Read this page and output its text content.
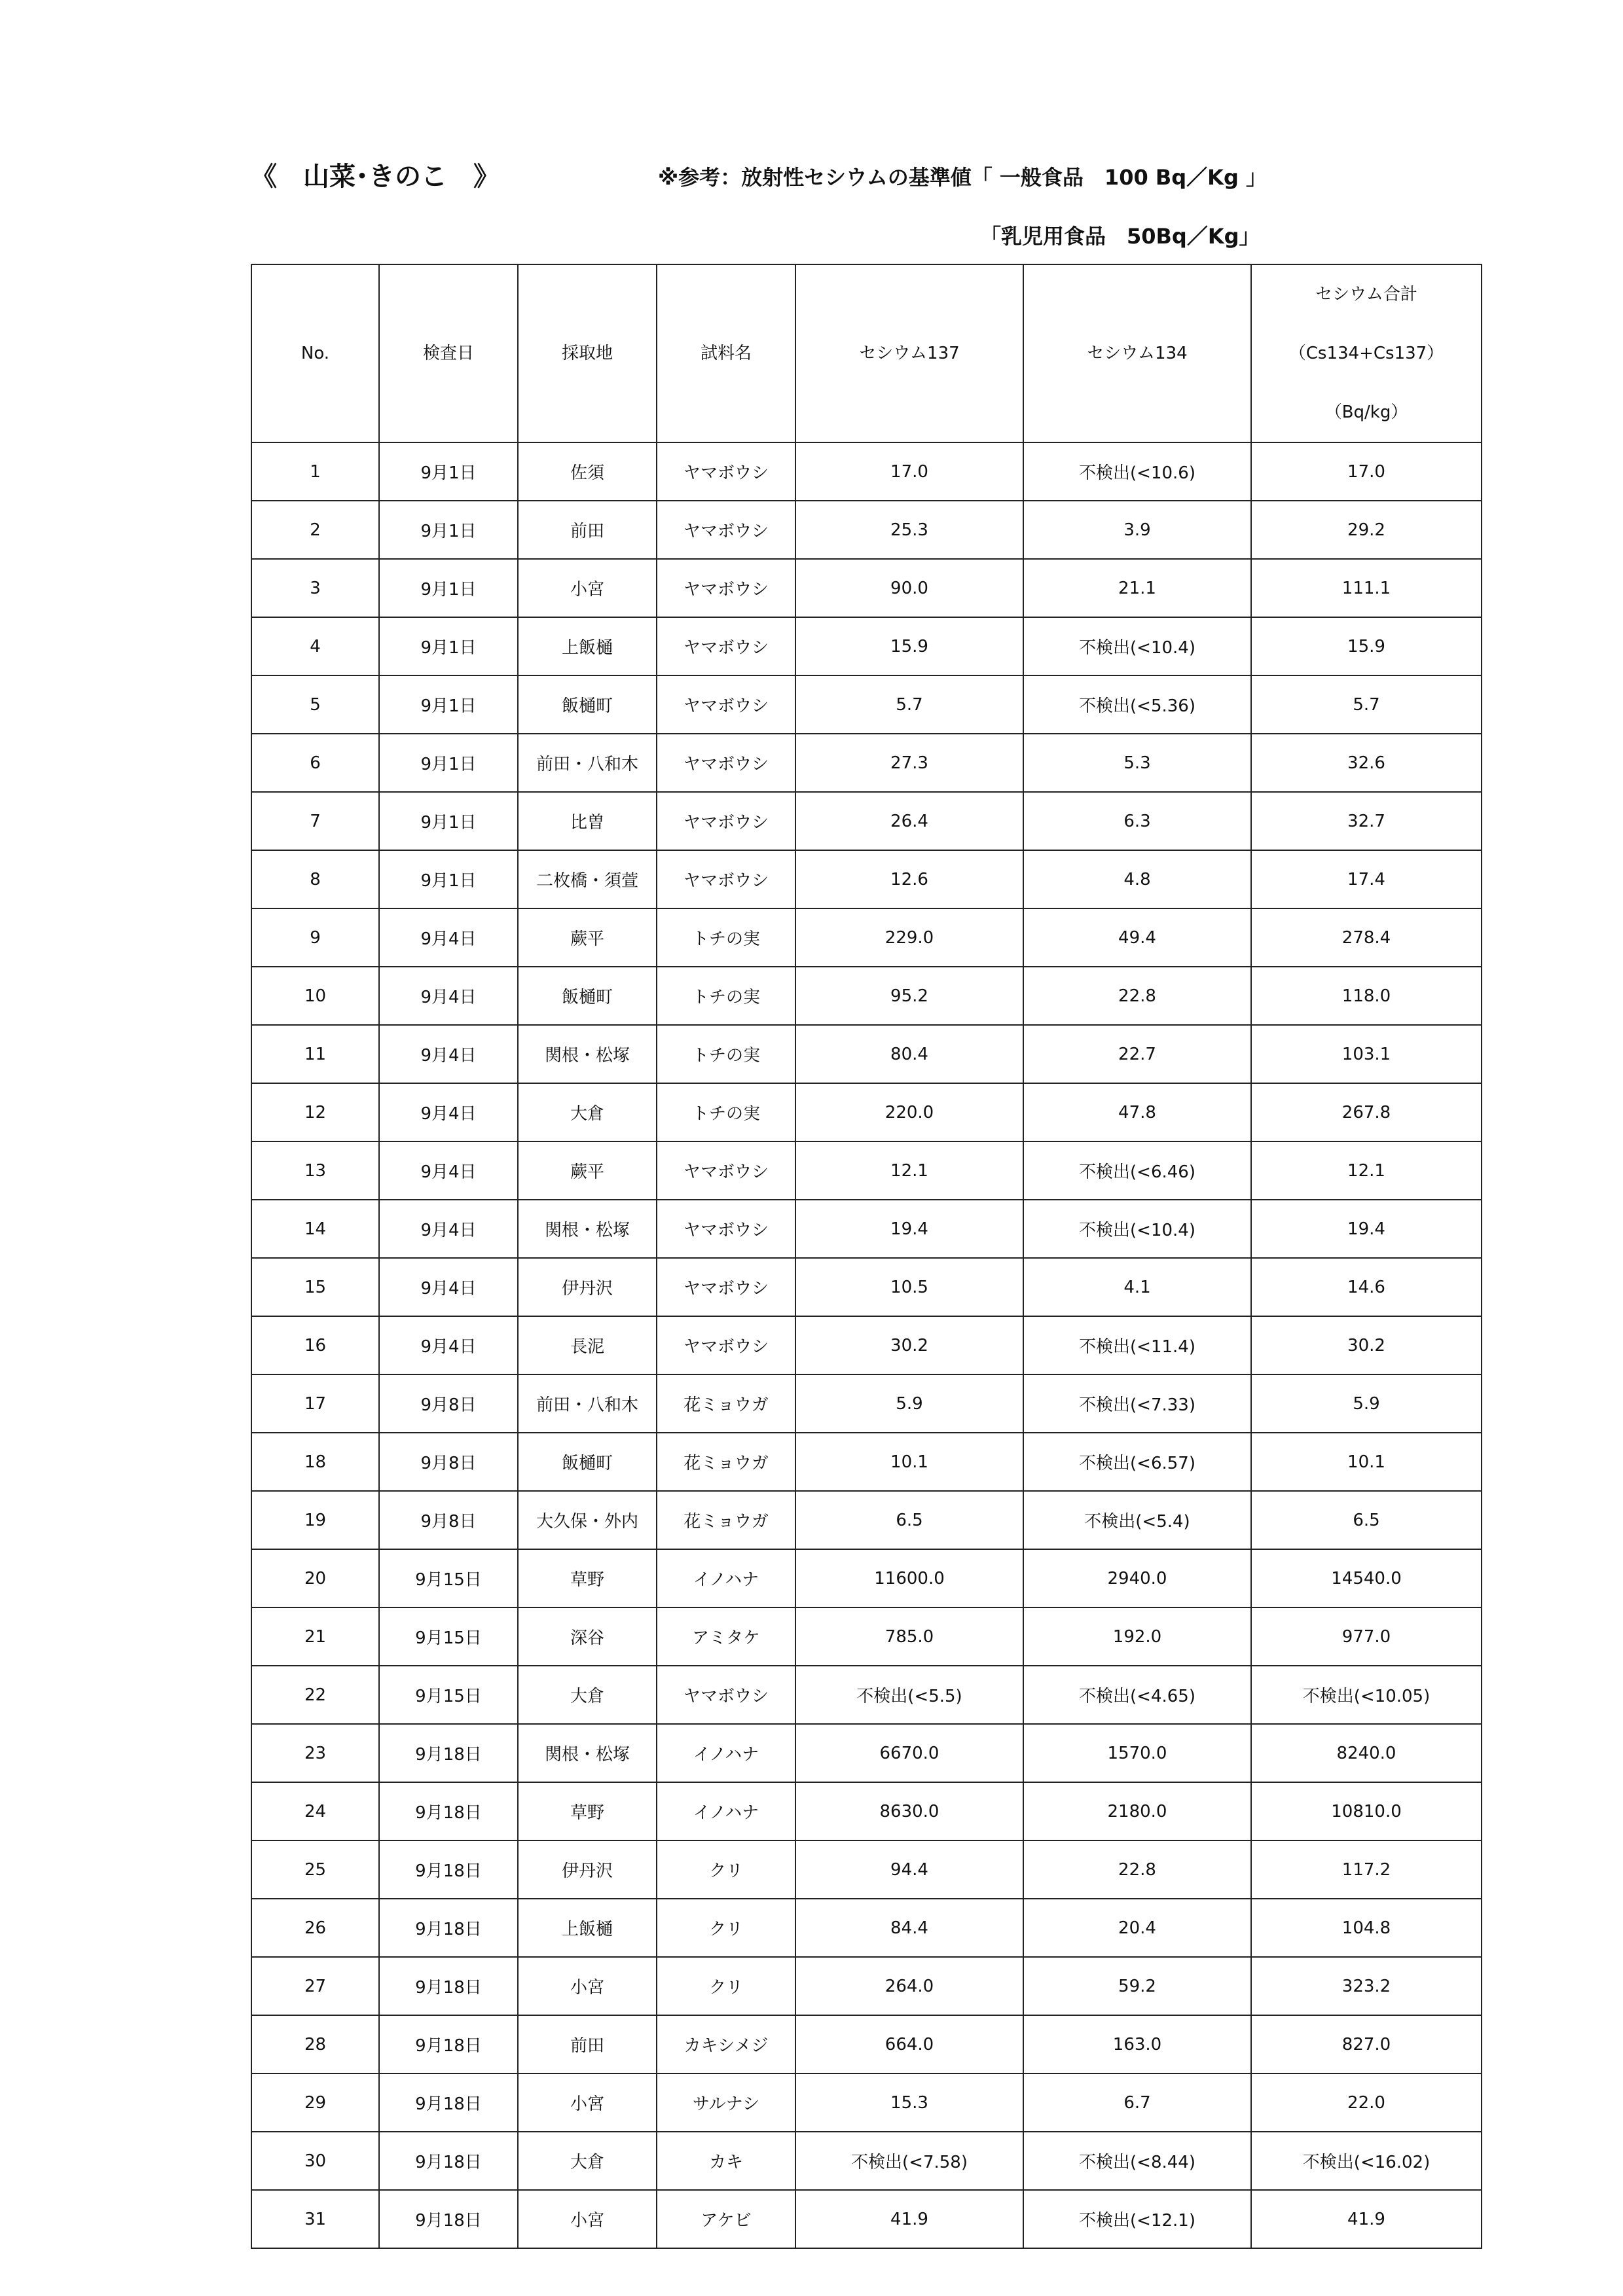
《　山菜･きのこ　》	※参考：放射性セシウムの基準値「 一般食品　100 Bq／Kg 」
「乳児用食品　50Bq／Kg」
No.	検査日	採取地	試料名	セシウム137	セシウム134	セシウム合計
（Cs134+Cs137）
（Bq/kg）

1	9月1日	佐須	ヤマボウシ	17.0	不検出(<10.6)	17.0
2	9月1日	前田	ヤマボウシ	25.3	3.9	29.2
3	9月1日	小宮	ヤマボウシ	90.0	21.1	111.1
4	9月1日	上飯樋	ヤマボウシ	15.9	不検出(<10.4)	15.9
5	9月1日	飯樋町	ヤマボウシ	5.7	不検出(<5.36)	5.7
6	9月1日	前田・八和木	ヤマボウシ	27.3	5.3	32.6
7	9月1日	比曽	ヤマボウシ	26.4	6.3	32.7
8	9月1日	二枚橋・須萱	ヤマボウシ	12.6	4.8	17.4
9	9月4日	蕨平	トチの実	229.0	49.4	278.4
10	9月4日	飯樋町	トチの実	95.2	22.8	118.0
11	9月4日	関根・松塚	トチの実	80.4	22.7	103.1
12	9月4日	大倉	トチの実	220.0	47.8	267.8
13	9月4日	蕨平	ヤマボウシ	12.1	不検出(<6.46)	12.1
14	9月4日	関根・松塚	ヤマボウシ	19.4	不検出(<10.4)	19.4
15	9月4日	伊丹沢	ヤマボウシ	10.5	4.1	14.6
16	9月4日	長泥	ヤマボウシ	30.2	不検出(<11.4)	30.2
17	9月8日	前田・八和木	花ミョウガ	5.9	不検出(<7.33)	5.9
18	9月8日	飯樋町	花ミョウガ	10.1	不検出(<6.57)	10.1
19	9月8日	大久保・外内	花ミョウガ	6.5	不検出(<5.4)	6.5
20	9月15日	草野	イノハナ	11600.0	2940.0	14540.0
21	9月15日	深谷	アミタケ	785.0	192.0	977.0
22	9月15日	大倉	ヤマボウシ	不検出(<5.5)	不検出(<4.65)	不検出(<10.05)
23	9月18日	関根・松塚	イノハナ	6670.0	1570.0	8240.0
24	9月18日	草野	イノハナ	8630.0	2180.0	10810.0
25	9月18日	伊丹沢	クリ	94.4	22.8	117.2
26	9月18日	上飯樋	クリ	84.4	20.4	104.8
27	9月18日	小宮	クリ	264.0	59.2	323.2
28	9月18日	前田	カキシメジ	664.0	163.0	827.0
29	9月18日	小宮	サルナシ	15.3	6.7	22.0
30	9月18日	大倉	カキ	不検出(<7.58)	不検出(<8.44)	不検出(<16.02)
31	9月18日	小宮	アケビ	41.9	不検出(<12.1)	41.9
